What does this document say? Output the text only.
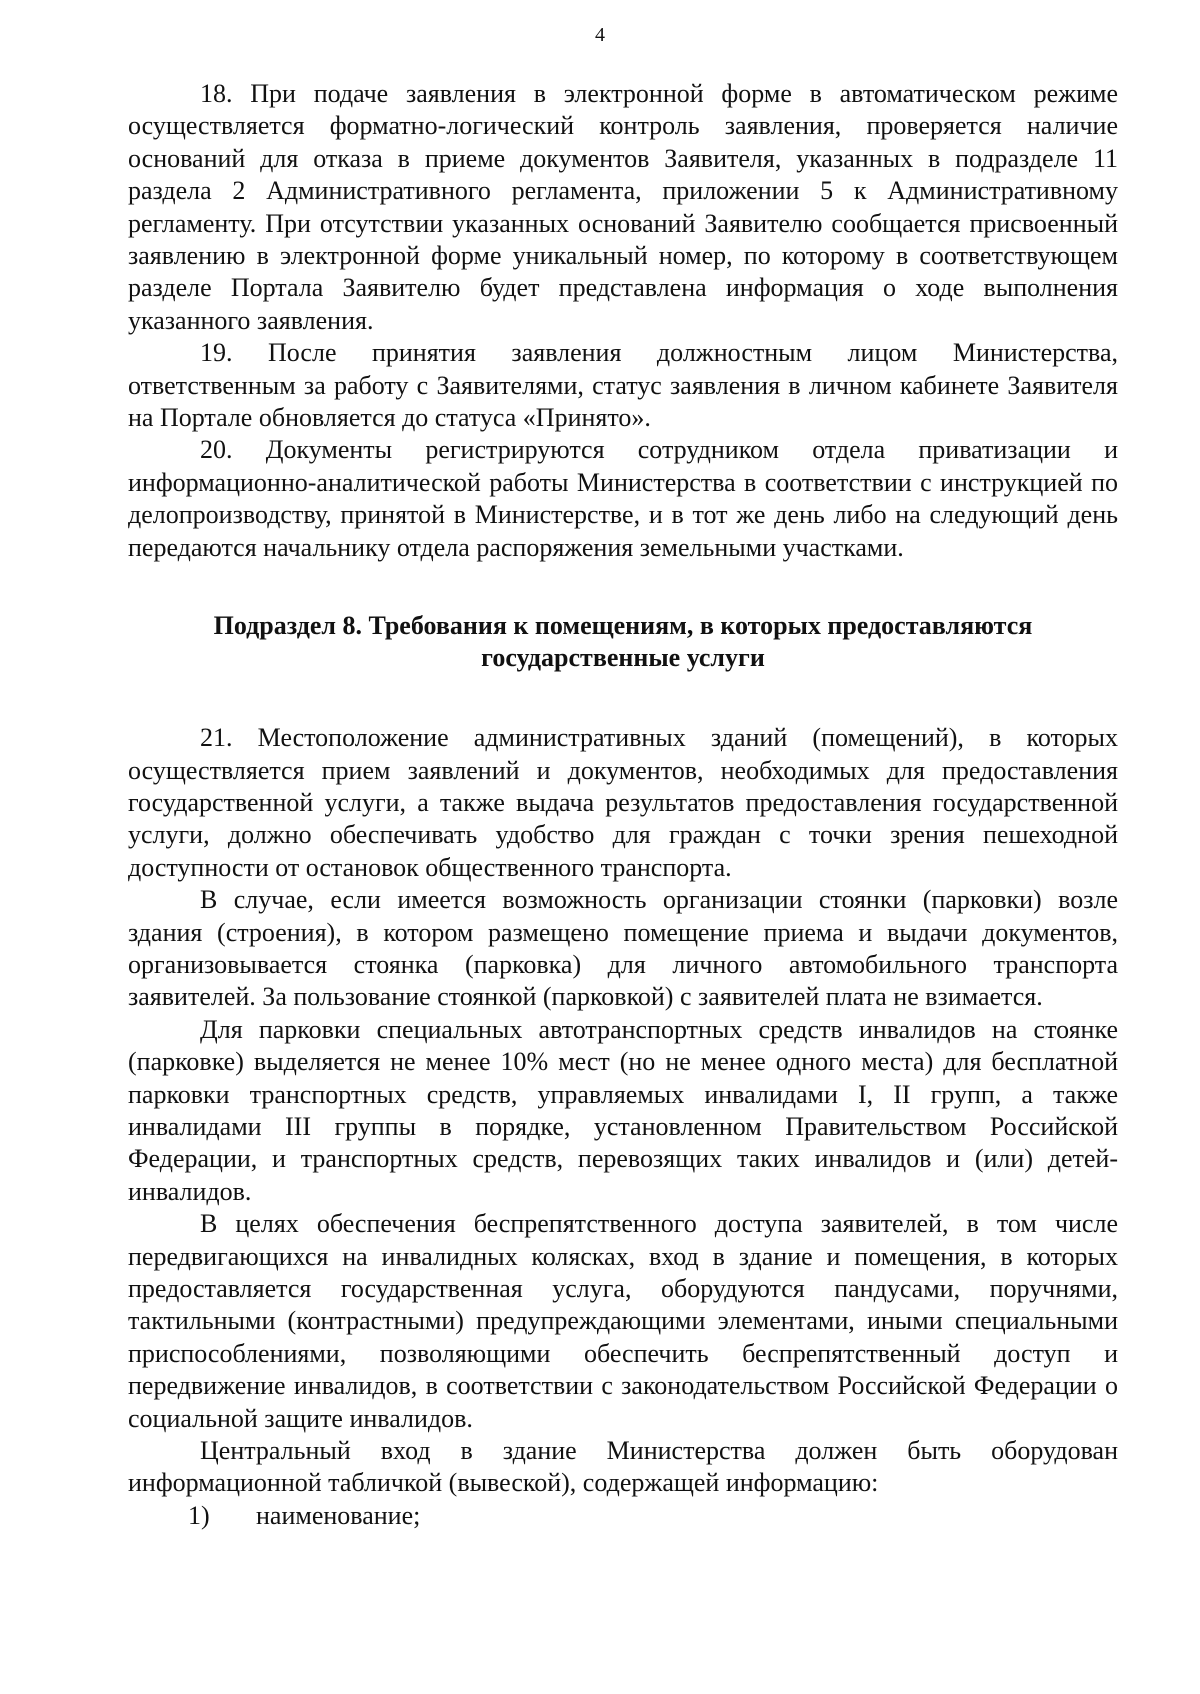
4

18. При подаче заявления в электронной форме в автоматическом режиме осуществляется форматно-логический контроль заявления, проверяется наличие оснований для отказа в приеме документов Заявителя, указанных в подразделе 11 раздела 2 Административного регламента, приложении 5 к Административному регламенту. При отсутствии указанных оснований Заявителю сообщается присвоенный заявлению в электронной форме уникальный номер, по которому в соответствующем разделе Портала Заявителю будет представлена информация о ходе выполнения указанного заявления.

19. После принятия заявления должностным лицом Министерства, ответственным за работу с Заявителями, статус заявления в личном кабинете Заявителя на Портале обновляется до статуса «Принято».

20. Документы регистрируются сотрудником отдела приватизации и информационно-аналитической работы Министерства в соответствии с инструкцией по делопроизводству, принятой в Министерстве, и в тот же день либо на следующий день передаются начальнику отдела распоряжения земельными участками.

Подраздел 8. Требования к помещениям, в которых предоставляются
государственные услуги

21. Местоположение административных зданий (помещений), в которых осуществляется прием заявлений и документов, необходимых для предоставления государственной услуги, а также выдача результатов предоставления государственной услуги, должно обеспечивать удобство для граждан с точки зрения пешеходной доступности от остановок общественного транспорта.

В случае, если имеется возможность организации стоянки (парковки) возле здания (строения), в котором размещено помещение приема и выдачи документов, организовывается стоянка (парковка) для личного автомобильного транспорта заявителей. За пользование стоянкой (парковкой) с заявителей плата не взимается.

Для парковки специальных автотранспортных средств инвалидов на стоянке (парковке) выделяется не менее 10% мест (но не менее одного места) для бесплатной парковки транспортных средств, управляемых инвалидами I, II групп, а также инвалидами III группы в порядке, установленном Правительством Российской Федерации, и транспортных средств, перевозящих таких инвалидов и (или) детей-инвалидов.

В целях обеспечения беспрепятственного доступа заявителей, в том числе передвигающихся на инвалидных колясках, вход в здание и помещения, в которых предоставляется государственная услуга, оборудуются пандусами, поручнями, тактильными (контрастными) предупреждающими элементами, иными специальными приспособлениями, позволяющими обеспечить беспрепятственный доступ и передвижение инвалидов, в соответствии с законодательством Российской Федерации о социальной защите инвалидов.

Центральный вход в здание Министерства должен быть оборудован информационной табличкой (вывеской), содержащей информацию:

1)	наименование;
